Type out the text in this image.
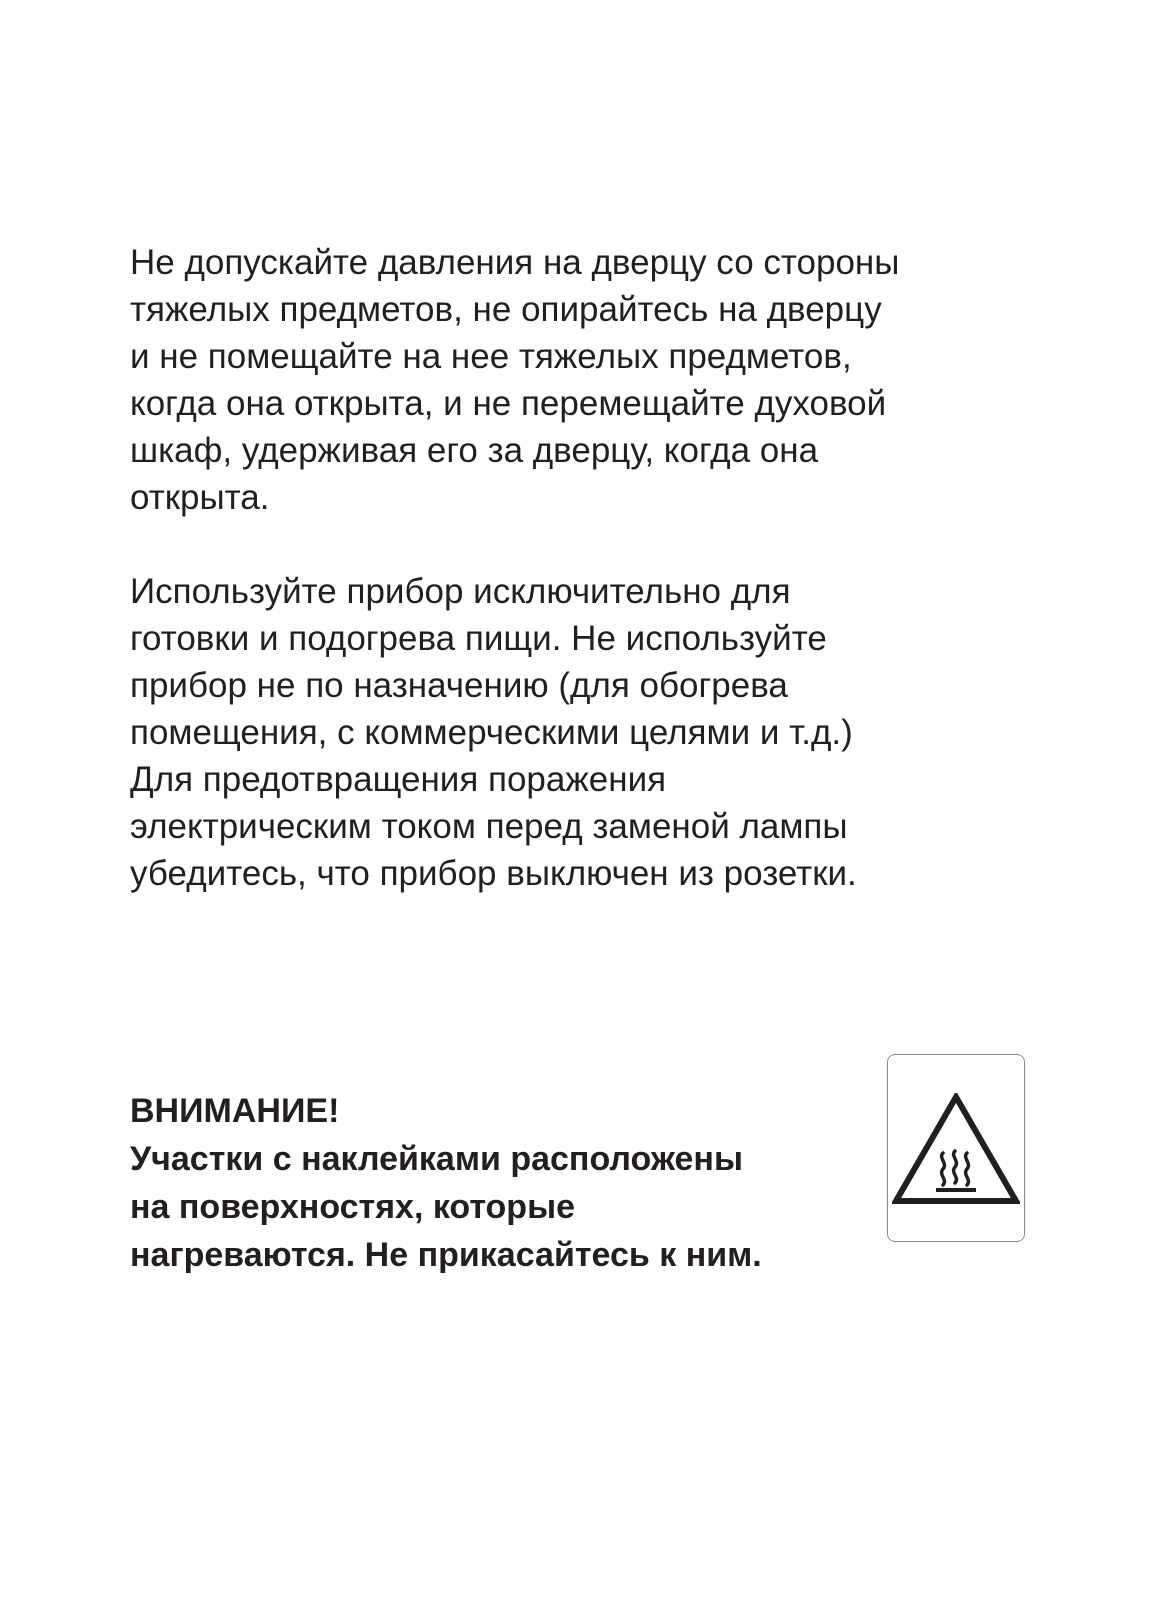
Не допускайте давления на дверцу со стороны
тяжелых предметов, не опирайтесь на дверцу
и не помещайте на нее тяжелых предметов,
когда она открыта, и не перемещайте духовой
шкаф, удерживая его за дверцу, когда она
открыта.

Используйте прибор исключительно для
готовки и подогрева пищи. Не используйте
прибор не по назначению (для обогрева
помещения, с коммерческими целями и т.д.)
Для предотвращения поражения
электрическим током перед заменой лампы
убедитесь, что прибор выключен из розетки.

ВНИМАНИЕ!
Участки с наклейками расположены
на поверхностях, которые
нагреваются. Не прикасайтесь к ним.
